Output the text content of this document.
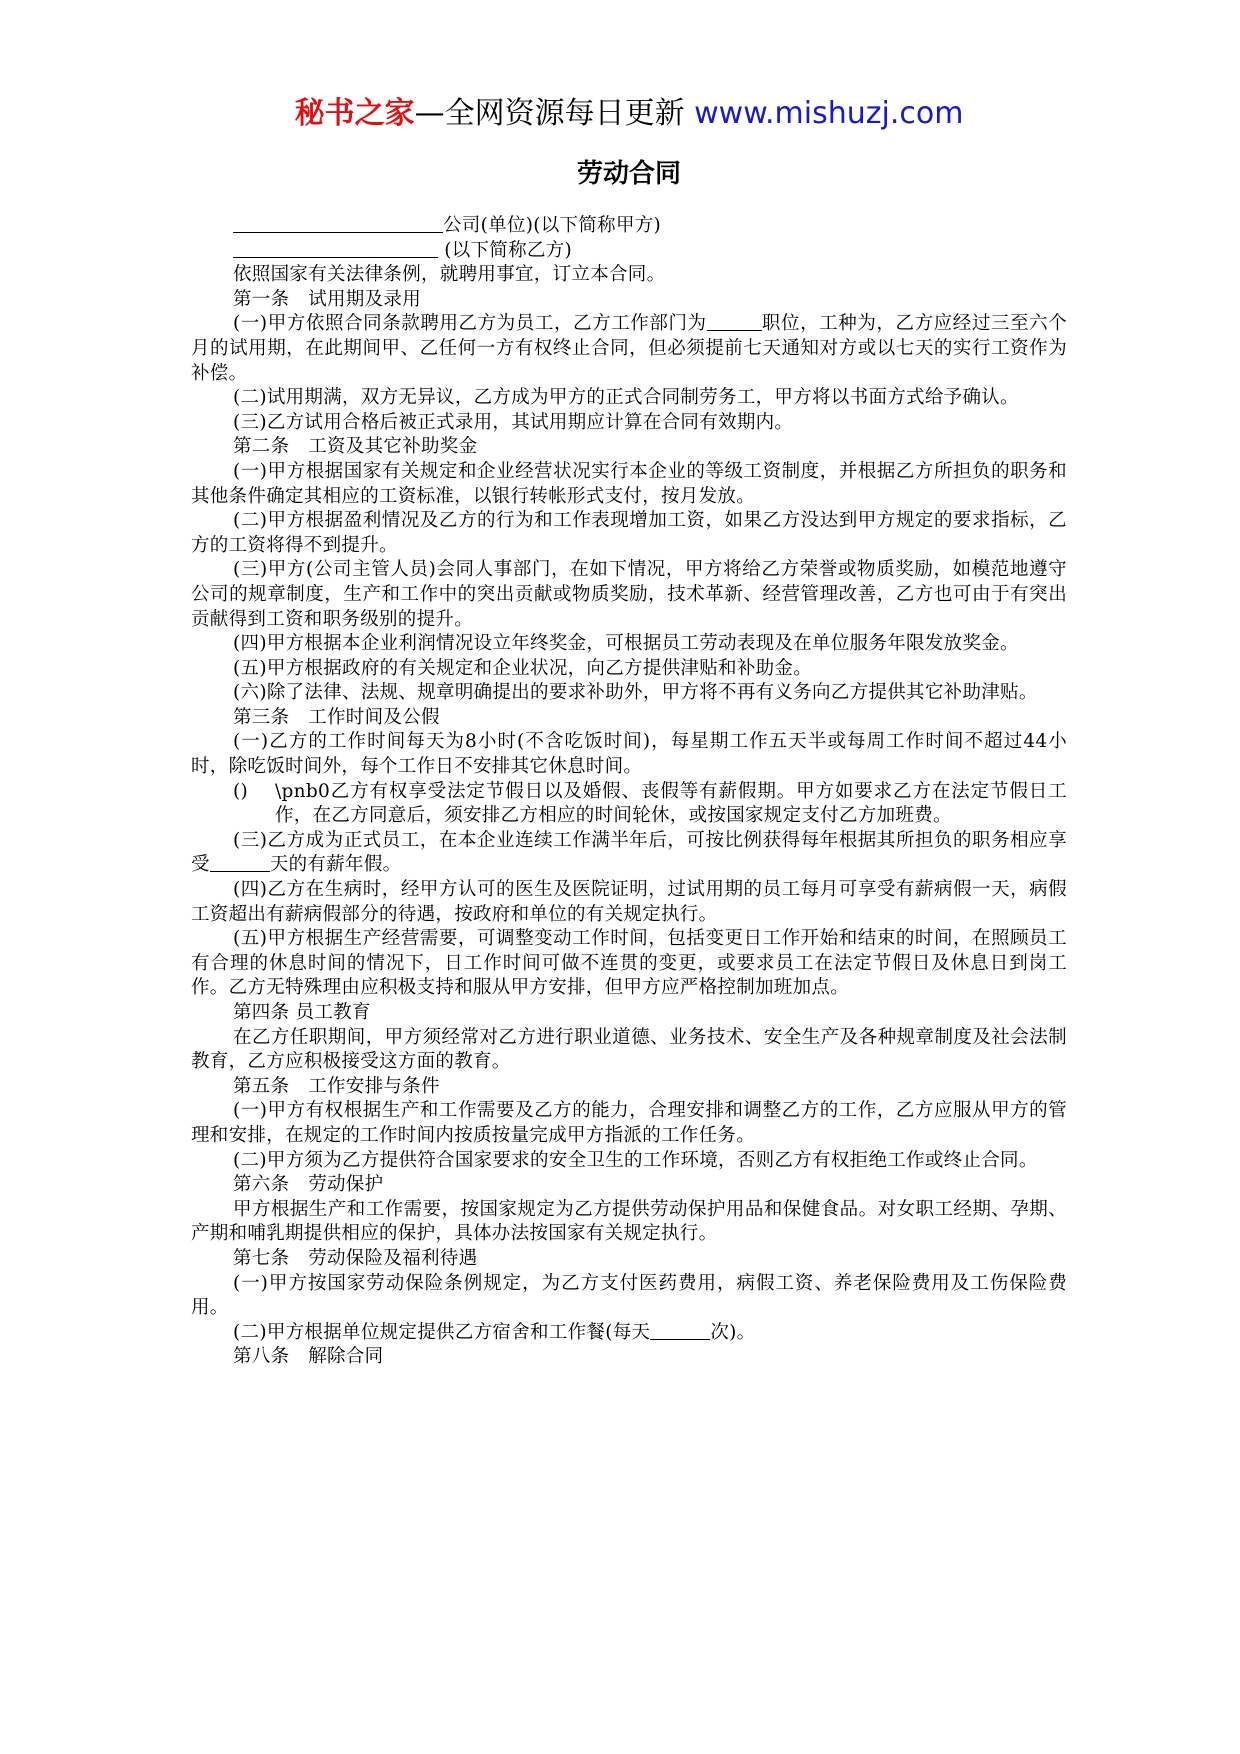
秘书之家—全网资源每日更新 www.mishuzj.com
劳动合同

公司(单位)(以下简称甲方)

(以下简称乙方)

依照国家有关法律条例，就聘用事宜，订立本合同。

第一条　试用期及录用

(一)甲方依照合同条款聘用乙方为员工，乙方工作部门为	职位，工种为，乙方应经过三至六个月的试用期，在此期间甲、乙任何一方有权终止合同，但必须提前七天通知对方或以七天的实行工资作为补偿。

(二)试用期满，双方无异议，乙方成为甲方的正式合同制劳务工，甲方将以书面方式给予确认。

(三)乙方试用合格后被正式录用，其试用期应计算在合同有效期内。

第二条　工资及其它补助奖金

(一)甲方根据国家有关规定和企业经营状况实行本企业的等级工资制度，并根据乙方所担负的职务和其他条件确定其相应的工资标准，以银行转帐形式支付，按月发放。

(二)甲方根据盈利情况及乙方的行为和工作表现增加工资，如果乙方没达到甲方规定的要求指标，乙方的工资将得不到提升。

(三)甲方(公司主管人员)会同人事部门，在如下情况，甲方将给乙方荣誉或物质奖励，如模范地遵守公司的规章制度，生产和工作中的突出贡献或物质奖励，技术革新、经营管理改善，乙方也可由于有突出贡献得到工资和职务级别的提升。

(四)甲方根据本企业利润情况设立年终奖金，可根据员工劳动表现及在单位服务年限发放奖金。

(五)甲方根据政府的有关规定和企业状况，向乙方提供津贴和补助金。

(六)除了法律、法规、规章明确提出的要求补助外，甲方将不再有义务向乙方提供其它补助津贴。

第三条　工作时间及公假

(一)乙方的工作时间每天为8小时(不含吃饭时间)，每星期工作五天半或每周工作时间不超过44小时，除吃饭时间外，每个工作日不安排其它休息时间。

()	\pnb0乙方有权享受法定节假日以及婚假、丧假等有薪假期。甲方如要求乙方在法定节假日工作，在乙方同意后，须安排乙方相应的时间轮休，或按国家规定支付乙方加班费。

(三)乙方成为正式员工，在本企业连续工作满半年后，可按比例获得每年根据其所担负的职务相应享受	天的有薪年假。

(四)乙方在生病时，经甲方认可的医生及医院证明，过试用期的员工每月可享受有薪病假一天，病假工资超出有薪病假部分的待遇，按政府和单位的有关规定执行。

(五)甲方根据生产经营需要，可调整变动工作时间，包括变更日工作开始和结束的时间，在照顾员工有合理的休息时间的情况下，日工作时间可做不连贯的变更，或要求员工在法定节假日及休息日到岗工作。乙方无特殊理由应积极支持和服从甲方安排，但甲方应严格控制加班加点。

第四条 员工教育

在乙方任职期间，甲方须经常对乙方进行职业道德、业务技术、安全生产及各种规章制度及社会法制教育，乙方应积极接受这方面的教育。

第五条　工作安排与条件

(一)甲方有权根据生产和工作需要及乙方的能力，合理安排和调整乙方的工作，乙方应服从甲方的管理和安排，在规定的工作时间内按质按量完成甲方指派的工作任务。

(二)甲方须为乙方提供符合国家要求的安全卫生的工作环境，否则乙方有权拒绝工作或终止合同。

第六条　劳动保护

甲方根据生产和工作需要，按国家规定为乙方提供劳动保护用品和保健食品。对女职工经期、孕期、产期和哺乳期提供相应的保护，具体办法按国家有关规定执行。

第七条　劳动保险及福利待遇

(一)甲方按国家劳动保险条例规定，为乙方支付医药费用，病假工资、养老保险费用及工伤保险费用。

(二)甲方根据单位规定提供乙方宿舍和工作餐(每天	次)。

第八条　解除合同
